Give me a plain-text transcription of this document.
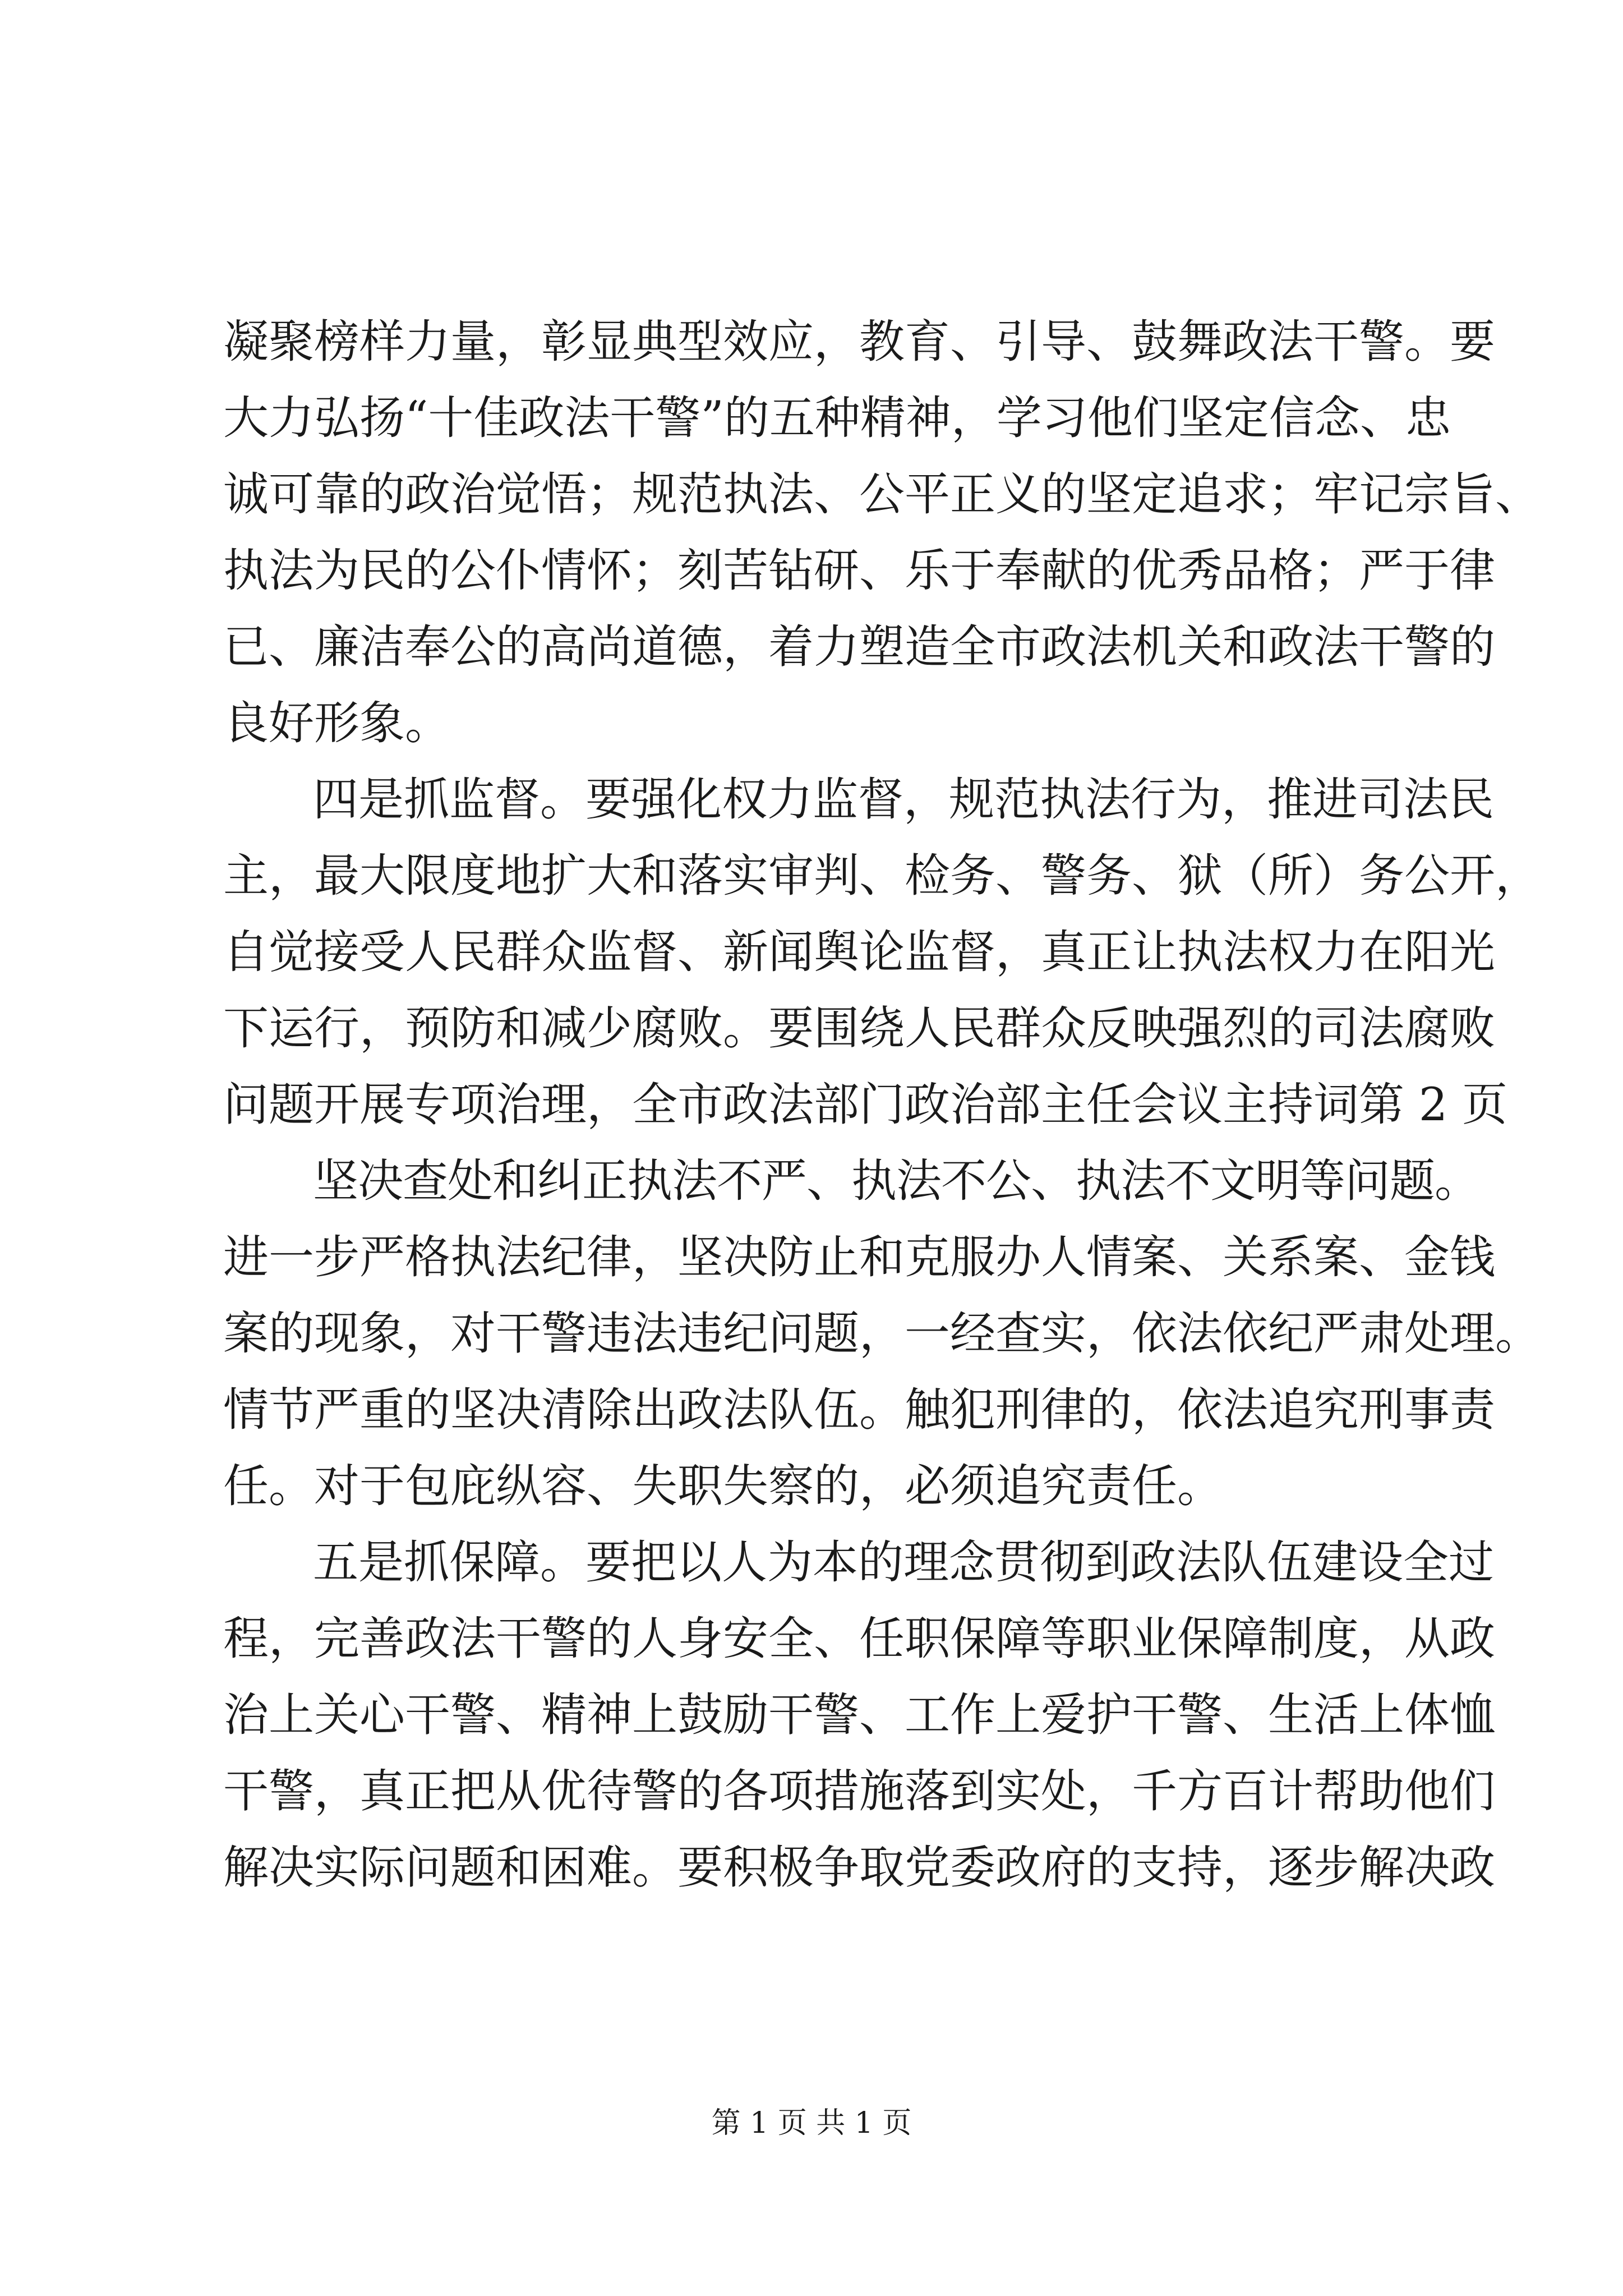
凝聚榜样力量，彰显典型效应，教育、引导、鼓舞政法干警。要

大力弘扬“十佳政法干警”的五种精神，学习他们坚定信念、忠

诚可靠的政治觉悟；规范执法、公平正义的坚定追求；牢记宗旨、

执法为民的公仆情怀；刻苦钻研、乐于奉献的优秀品格；严于律

已、廉洁奉公的高尚道德，着力塑造全市政法机关和政法干警的

良好形象。

四是抓监督。要强化权力监督，规范执法行为，推进司法民

主，最大限度地扩大和落实审判、检务、警务、狱（所）务公开，

自觉接受人民群众监督、新闻舆论监督，真正让执法权力在阳光

下运行，预防和减少腐败。要围绕人民群众反映强烈的司法腐败

问题开展专项治理，全市政法部门政治部主任会议主持词第 2 页

坚决查处和纠正执法不严、执法不公、执法不文明等问题。

进一步严格执法纪律，坚决防止和克服办人情案、关系案、金钱

案的现象，对干警违法违纪问题，一经查实，依法依纪严肃处理。

情节严重的坚决清除出政法队伍。触犯刑律的，依法追究刑事责

任。对于包庇纵容、失职失察的，必须追究责任。

五是抓保障。要把以人为本的理念贯彻到政法队伍建设全过

程，完善政法干警的人身安全、任职保障等职业保障制度，从政

治上关心干警、精神上鼓励干警、工作上爱护干警、生活上体恤

干警，真正把从优待警的各项措施落到实处，千方百计帮助他们

解决实际问题和困难。要积极争取党委政府的支持，逐步解决政

第 1 页 共 1 页
